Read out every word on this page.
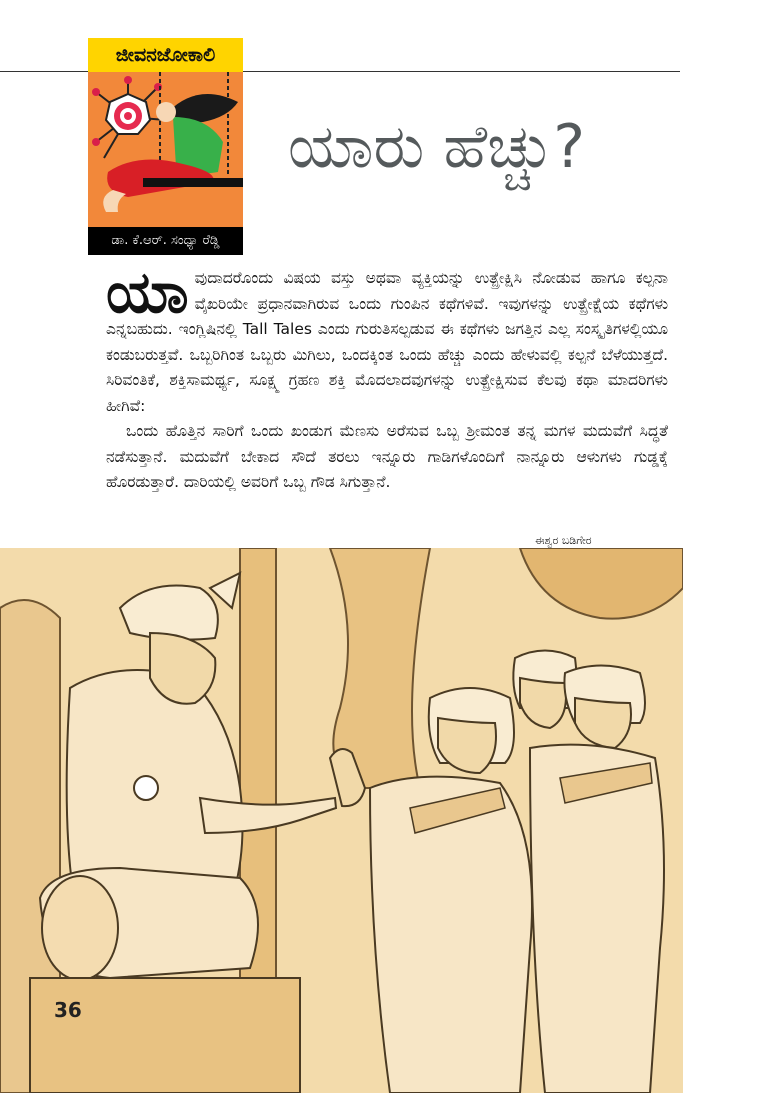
ಜೀವನಜೋಕಾಲಿ
ಡಾ. ಕೆ.ಆರ್. ಸಂಧ್ಯಾ ರೆಡ್ಡಿ
ಯಾರು ಹೆಚ್ಚು?

ಯಾವುದಾದರೊಂದು ವಿಷಯ ವಸ್ತು ಅಥವಾ ವ್ಯಕ್ತಿಯನ್ನು ಉತ್ಪ್ರೇಕ್ಷಿಸಿ ನೋಡುವ ಹಾಗೂ ಕಲ್ಪನಾ ವೈಖರಿಯೇ ಪ್ರಧಾನವಾಗಿರುವ ಒಂದು ಗುಂಪಿನ ಕಥೆಗಳಿವೆ. ಇವುಗಳನ್ನು ಉತ್ಪ್ರೇಕ್ಷೆಯ ಕಥೆಗಳು ಎನ್ನಬಹುದು. ಇಂಗ್ಲಿಷಿನಲ್ಲಿ Tall Tales ಎಂದು ಗುರುತಿಸಲ್ಪಡುವ ಈ ಕಥೆಗಳು ಜಗತ್ತಿನ ಎಲ್ಲ ಸಂಸ್ಕೃತಿಗಳಲ್ಲಿಯೂ ಕಂಡುಬರುತ್ತವೆ. ಒಬ್ಬರಿಗಿಂತ ಒಬ್ಬರು ಮಿಗಿಲು, ಒಂದಕ್ಕಿಂತ ಒಂದು ಹೆಚ್ಚು ಎಂದು ಹೇಳುವಲ್ಲಿ ಕಲ್ಪನೆ ಬೆಳೆಯುತ್ತದೆ. ಸಿರಿವಂತಿಕೆ, ಶಕ್ತಿಸಾಮರ್ಥ್ಯ, ಸೂಕ್ಷ್ಮ ಗ್ರಹಣ ಶಕ್ತಿ ಮೊದಲಾದವುಗಳನ್ನು ಉತ್ಪ್ರೇಕ್ಷಿಸುವ ಕೆಲವು ಕಥಾ ಮಾದರಿಗಳು ಹೀಗಿವೆ:

ಒಂದು ಹೊತ್ತಿನ ಸಾರಿಗೆ ಒಂದು ಖಂಡುಗ ಮೆಣಸು ಅರೆಸುವ ಒಬ್ಬ ಶ್ರೀಮಂತ ತನ್ನ ಮಗಳ ಮದುವೆಗೆ ಸಿದ್ಧತೆ ನಡೆಸುತ್ತಾನೆ. ಮದುವೆಗೆ ಬೇಕಾದ ಸೌದೆ ತರಲು ಇನ್ನೂರು ಗಾಡಿಗಳೊಂದಿಗೆ ನಾನ್ನೂರು ಆಳುಗಳು ಗುಡ್ಡಕ್ಕೆ ಹೊರಡುತ್ತಾರೆ. ದಾರಿಯಲ್ಲಿ ಅವರಿಗೆ ಒಬ್ಬ ಗೌಡ ಸಿಗುತ್ತಾನೆ.

ಈಶ್ವರ ಬಡಿಗೇರ
36
